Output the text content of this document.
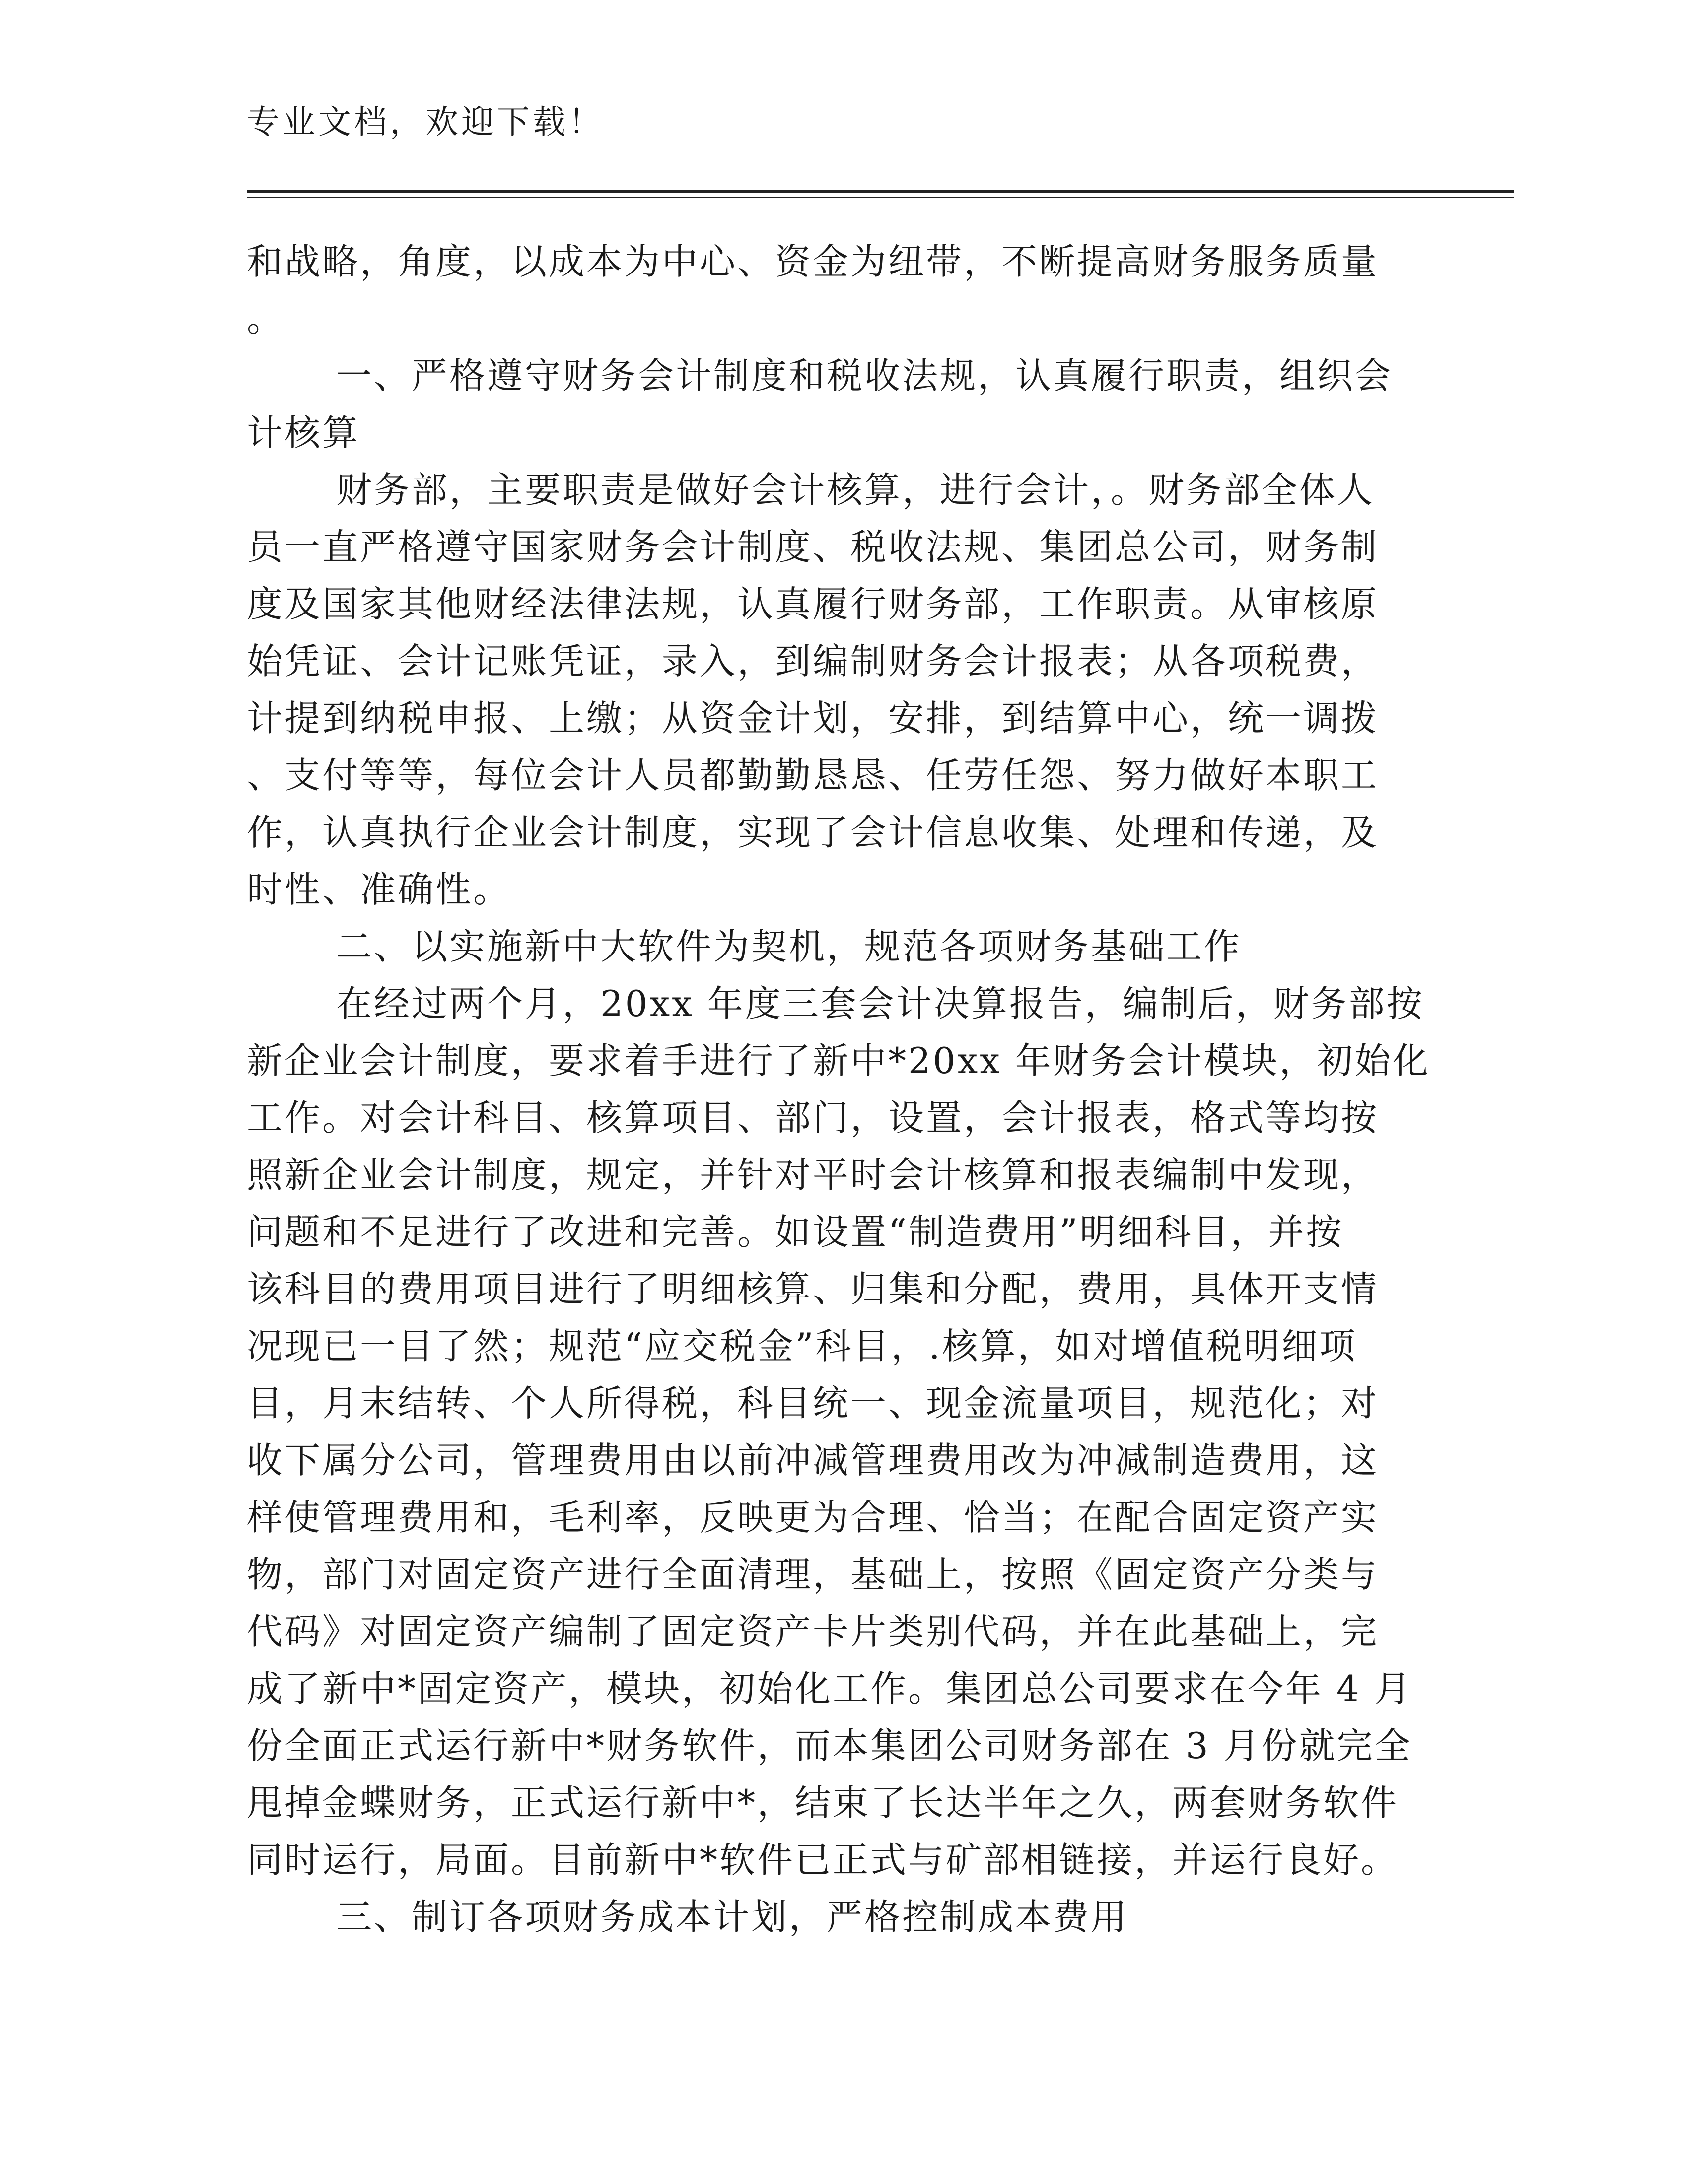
专业文档，欢迎下载！
和战略，角度，以成本为中心、资金为纽带，不断提高财务服务质量
。
一、严格遵守财务会计制度和税收法规，认真履行职责，组织会
计核算
财务部，主要职责是做好会计核算，进行会计，。财务部全体人
员一直严格遵守国家财务会计制度、税收法规、集团总公司，财务制
度及国家其他财经法律法规，认真履行财务部，工作职责。从审核原
始凭证、会计记账凭证，录入，到编制财务会计报表；从各项税费，
计提到纳税申报、上缴；从资金计划，安排，到结算中心，统一调拨
、支付等等，每位会计人员都勤勤恳恳、任劳任怨、努力做好本职工
作，认真执行企业会计制度，实现了会计信息收集、处理和传递，及
时性、准确性。
二、以实施新中大软件为契机，规范各项财务基础工作
在经过两个月，20xx 年度三套会计决算报告，编制后，财务部按
新企业会计制度，要求着手进行了新中*20xx 年财务会计模块，初始化
工作。对会计科目、核算项目、部门，设置，会计报表，格式等均按
照新企业会计制度，规定，并针对平时会计核算和报表编制中发现，
问题和不足进行了改进和完善。如设置“制造费用”明细科目，并按
该科目的费用项目进行了明细核算、归集和分配，费用，具体开支情
况现已一目了然；规范“应交税金”科目，.核算，如对增值税明细项
目，月末结转、个人所得税，科目统一、现金流量项目，规范化；对
收下属分公司，管理费用由以前冲减管理费用改为冲减制造费用，这
样使管理费用和，毛利率，反映更为合理、恰当；在配合固定资产实
物，部门对固定资产进行全面清理，基础上，按照《固定资产分类与
代码》对固定资产编制了固定资产卡片类别代码，并在此基础上，完
成了新中*固定资产，模块，初始化工作。集团总公司要求在今年 4 月
份全面正式运行新中*财务软件，而本集团公司财务部在 3 月份就完全
甩掉金蝶财务，正式运行新中*，结束了长达半年之久，两套财务软件
同时运行，局面。目前新中*软件已正式与矿部相链接，并运行良好。
三、制订各项财务成本计划，严格控制成本费用
